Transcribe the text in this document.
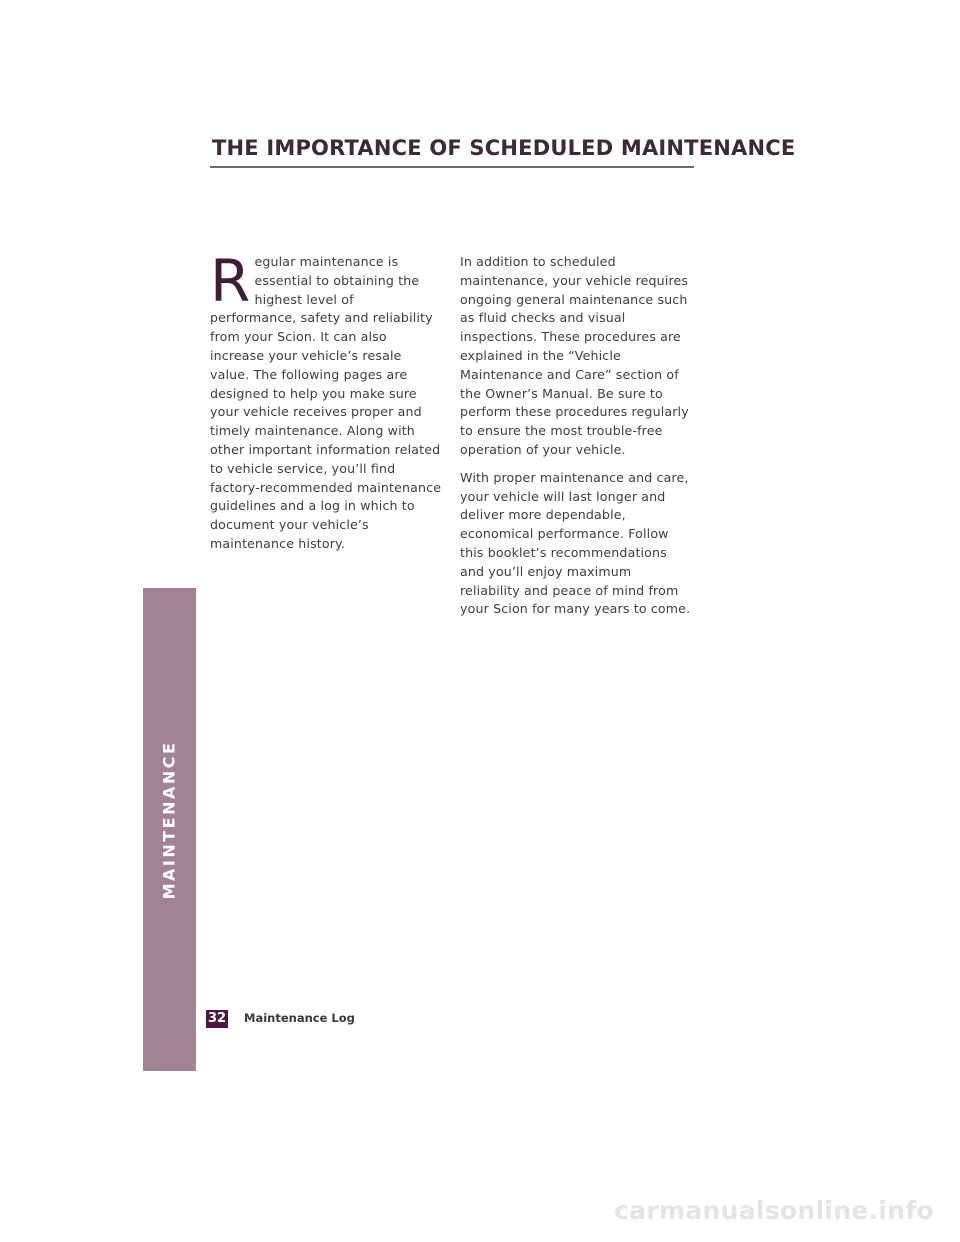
THE IMPORTANCE OF SCHEDULED MAINTENANCE

Regular maintenance is essential to obtaining the highest level of performance, safety and reliability from your Scion. It can also increase your vehicle’s resale value. The following pages are designed to help you make sure your vehicle receives proper and timely maintenance. Along with other important information related to vehicle service, you’ll find factory-recommended maintenance guidelines and a log in which to document your vehicle’s maintenance history.

In addition to scheduled maintenance, your vehicle requires ongoing general maintenance such as fluid checks and visual inspections. These procedures are explained in the “Vehicle Maintenance and Care” section of the Owner’s Manual. Be sure to perform these procedures regularly to ensure the most trouble-free operation of your vehicle.

With proper maintenance and care, your vehicle will last longer and deliver more dependable, economical performance. Follow this booklet’s recommendations and you’ll enjoy maximum reliability and peace of mind from your Scion for many years to come.

MAINTENANCE
32 Maintenance Log
carmanualsonline.info
